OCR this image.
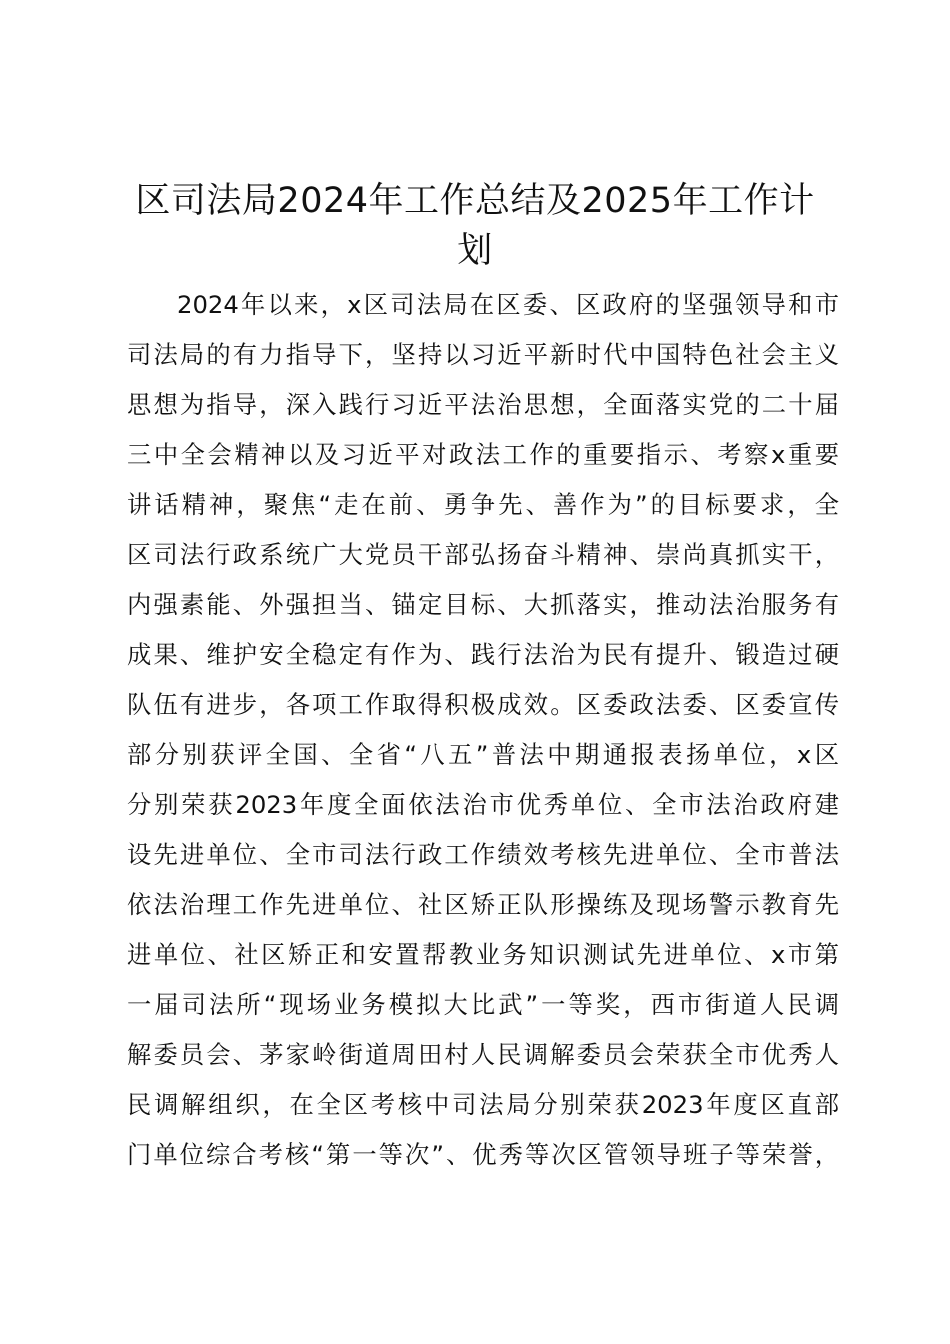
区司法局2024年工作总结及2025年工作计
划
2024年以来，x区司法局在区委、区政府的坚强领导和市
司法局的有力指导下，坚持以习近平新时代中国特色社会主义
思想为指导，深入践行习近平法治思想，全面落实党的二十届
三中全会精神以及习近平对政法工作的重要指示、考察x重要
讲话精神，聚焦“走在前、勇争先、善作为”的目标要求，全
区司法行政系统广大党员干部弘扬奋斗精神、崇尚真抓实干，
内强素能、外强担当、锚定目标、大抓落实，推动法治服务有
成果、维护安全稳定有作为、践行法治为民有提升、锻造过硬
队伍有进步，各项工作取得积极成效。区委政法委、区委宣传
部分别获评全国、全省“八五”普法中期通报表扬单位，x区
分别荣获2023年度全面依法治市优秀单位、全市法治政府建
设先进单位、全市司法行政工作绩效考核先进单位、全市普法
依法治理工作先进单位、社区矫正队形操练及现场警示教育先
进单位、社区矫正和安置帮教业务知识测试先进单位、x市第
一届司法所“现场业务模拟大比武”一等奖，西市街道人民调
解委员会、茅家岭街道周田村人民调解委员会荣获全市优秀人
民调解组织，在全区考核中司法局分别荣获2023年度区直部
门单位综合考核“第一等次”、优秀等次区管领导班子等荣誉，
